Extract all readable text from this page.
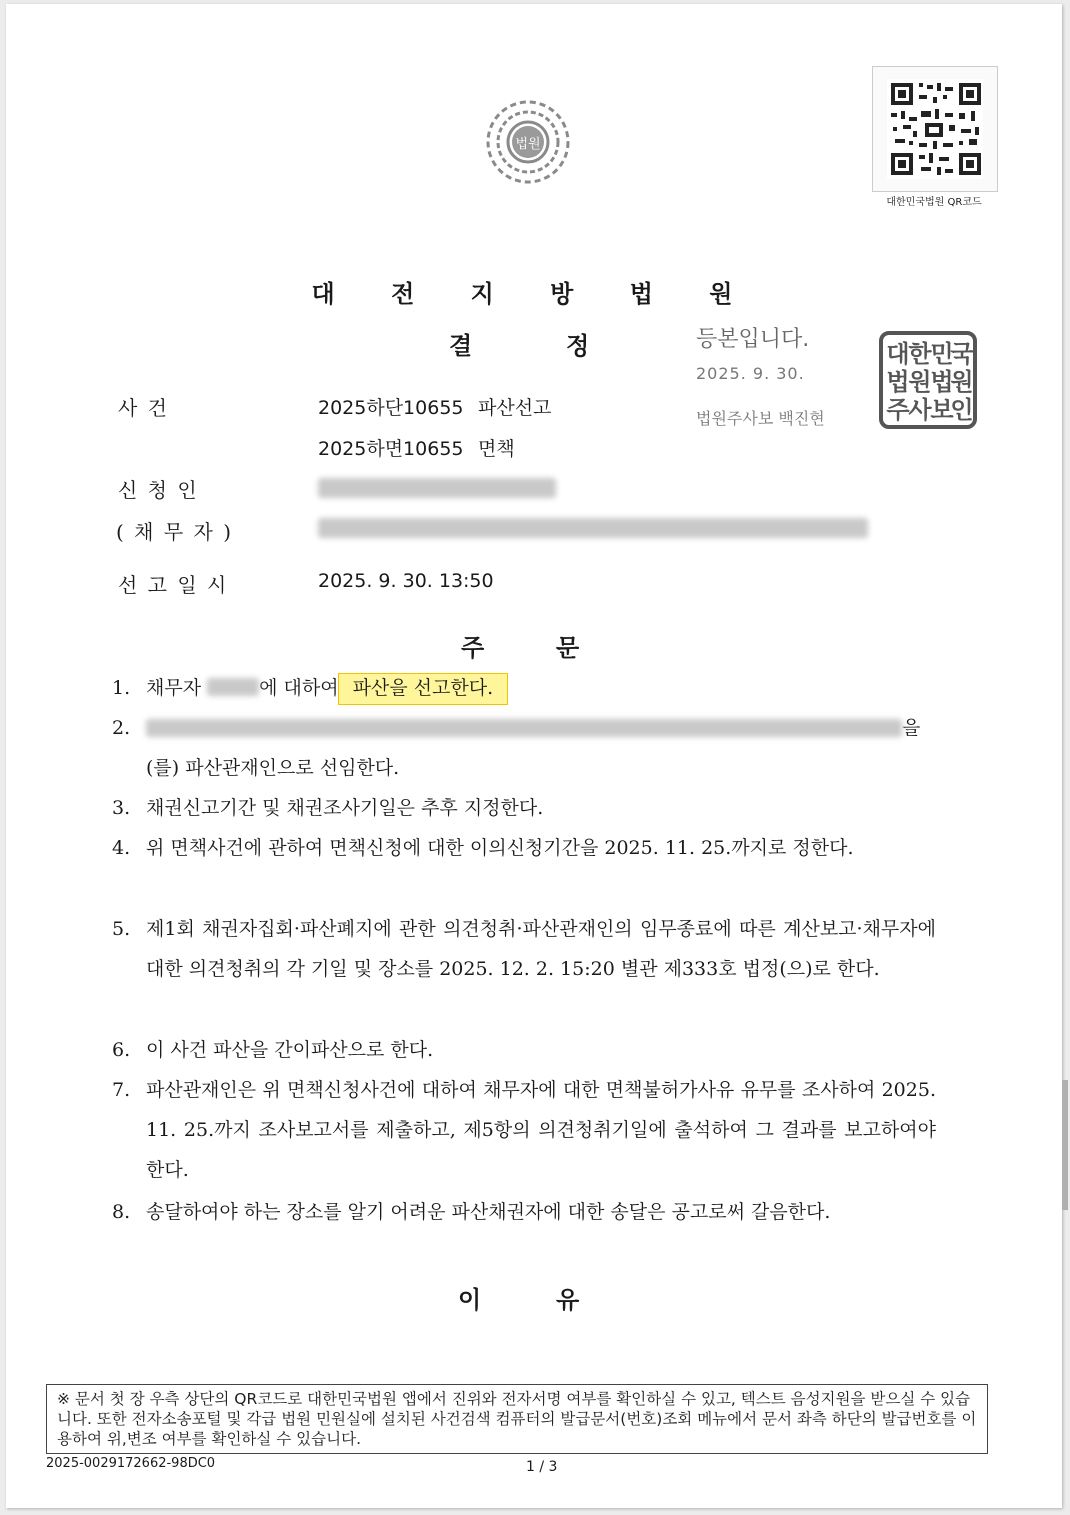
법원
대한민국법원 QR코드
대 전 지 방 법 원
결	정	등본입니다.
2025. 9. 30.
법원주사보 백진현
대
한
민
국
법
원
법
원
주
사
보
인
사 건	2025하단10655 파산선고
2025하면10655 면책
신 청 인
( 채 무 자 )
선 고 일 시	2025. 9. 30. 13:50
주	문
1. 채무자	에 대하여 파산을 선고한다.
2.	을
(를) 파산관재인으로 선임한다.
3. 채권신고기간 및 채권조사기일은 추후 지정한다.
4. 위 면책사건에 관하여 면책신청에 대한 이의신청기간을 2025. 11. 25.까지로 정한다.
5. 제1회 채권자집회·파산폐지에 관한 의견청취·파산관재인의 임무종료에 따른 계산보고·채무자에 대한 의견청취의 각 기일 및 장소를 2025. 12. 2. 15:20 별관 제333호 법정(으)로 한다.
6. 이 사건 파산을 간이파산으로 한다.
7. 파산관재인은 위 면책신청사건에 대하여 채무자에 대한 면책불허가사유 유무를 조사하여 2025. 11. 25.까지 조사보고서를 제출하고, 제5항의 의견청취기일에 출석하여 그 결과를 보고하여야 한다.
8. 송달하여야 하는 장소를 알기 어려운 파산채권자에 대한 송달은 공고로써 갈음한다.
이	유
※ 문서 첫 장 우측 상단의 QR코드로 대한민국법원 앱에서 진위와 전자서명 여부를 확인하실 수 있고, 텍스트 음성지원을 받으실 수 있습니다. 또한 전자소송포털 및 각급 법원 민원실에 설치된 사건검색 컴퓨터의 발급문서(번호)조회 메뉴에서 문서 좌측 하단의 발급번호를 이용하여 위,변조 여부를 확인하실 수 있습니다.
2025-0029172662-98DC0	1 / 3
